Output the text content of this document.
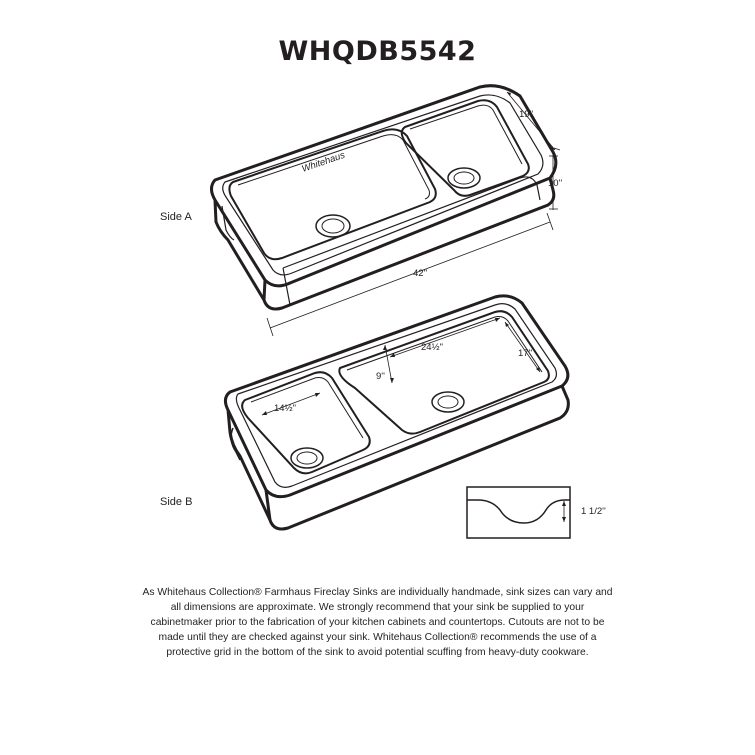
WHQDB5542
Whitehaus
19''
10''
42''
Side A
14½''
24½''
17''
9''
Side B
1 1/2''
As Whitehaus Collection® Farmhaus Fireclay Sinks are individually handmade, sink sizes can vary and all dimensions are approximate. We strongly recommend that your sink be supplied to your cabinetmaker prior to the fabrication of your kitchen cabinets and countertops. Cutouts are not to be made until they are checked against your sink. Whitehaus Collection® recommends the use of a protective grid in the bottom of the sink to avoid potential scuffing from heavy-duty cookware.
